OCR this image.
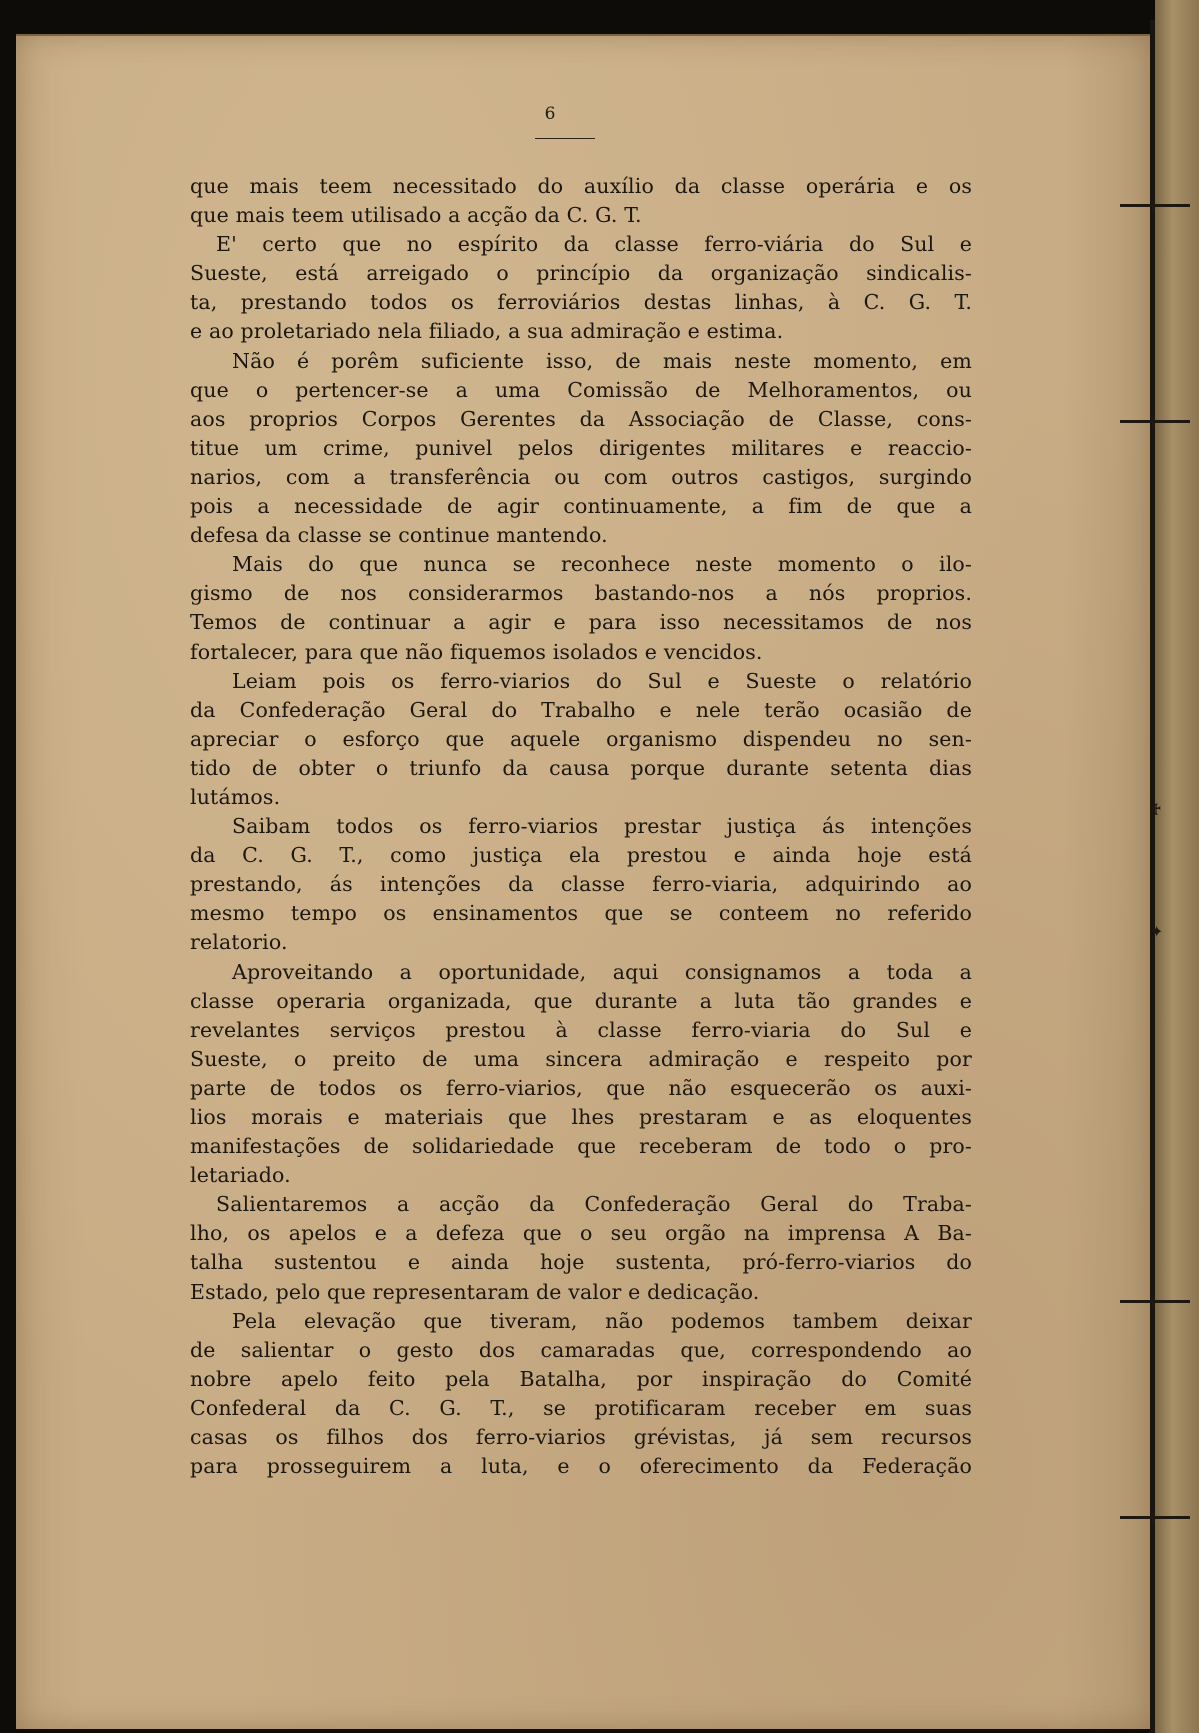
♰
✦
6
que mais teem necessitado do auxílio da classe operária e os
que mais teem utilisado a acção da C. G. T.
E' certo que no espírito da classe ferro-viária do Sul e
Sueste, está arreigado o princípio da organização sindicalis-
ta, prestando todos os ferroviários destas linhas, à C. G. T.
e ao proletariado nela filiado, a sua admiração e estima.
Não é porêm suficiente isso, de mais neste momento, em
que o pertencer-se a uma Comissão de Melhoramentos, ou
aos proprios Corpos Gerentes da Associação de Classe, cons-
titue um crime, punivel pelos dirigentes militares e reaccio-
narios, com a transferência ou com outros castigos, surgindo
pois a necessidade de agir continuamente, a fim de que a
defesa da classe se continue mantendo.
Mais do que nunca se reconhece neste momento o ilo-
gismo de nos considerarmos bastando-nos a nós proprios.
Temos de continuar a agir e para isso necessitamos de nos
fortalecer, para que não fiquemos isolados e vencidos.
Leiam pois os ferro-viarios do Sul e Sueste o relatório
da Confederação Geral do Trabalho e nele terão ocasião de
apreciar o esforço que aquele organismo dispendeu no sen-
tido de obter o triunfo da causa porque durante setenta dias
lutámos.
Saibam todos os ferro-viarios prestar justiça ás intenções
da C. G. T., como justiça ela prestou e ainda hoje está
prestando, ás intenções da classe ferro-viaria, adquirindo ao
mesmo tempo os ensinamentos que se conteem no referido
relatorio.
Aproveitando a oportunidade, aqui consignamos a toda a
classe operaria organizada, que durante a luta tão grandes e
revelantes serviços prestou à classe ferro-viaria do Sul e
Sueste, o preito de uma sincera admiração e respeito por
parte de todos os ferro-viarios, que não esquecerão os auxi-
lios morais e materiais que lhes prestaram e as eloquentes
manifestações de solidariedade que receberam de todo o pro-
letariado.
Salientaremos a acção da Confederação Geral do Traba-
lho, os apelos e a defeza que o seu orgão na imprensa A Ba-
talha sustentou e ainda hoje sustenta, pró-ferro-viarios do
Estado, pelo que representaram de valor e dedicação.
Pela elevação que tiveram, não podemos tambem deixar
de salientar o gesto dos camaradas que, correspondendo ao
nobre apelo feito pela Batalha, por inspiração do Comité
Confederal da C. G. T., se protificaram receber em suas
casas os filhos dos ferro-viarios grévistas, já sem recursos
para prosseguirem a luta, e o oferecimento da Federação
